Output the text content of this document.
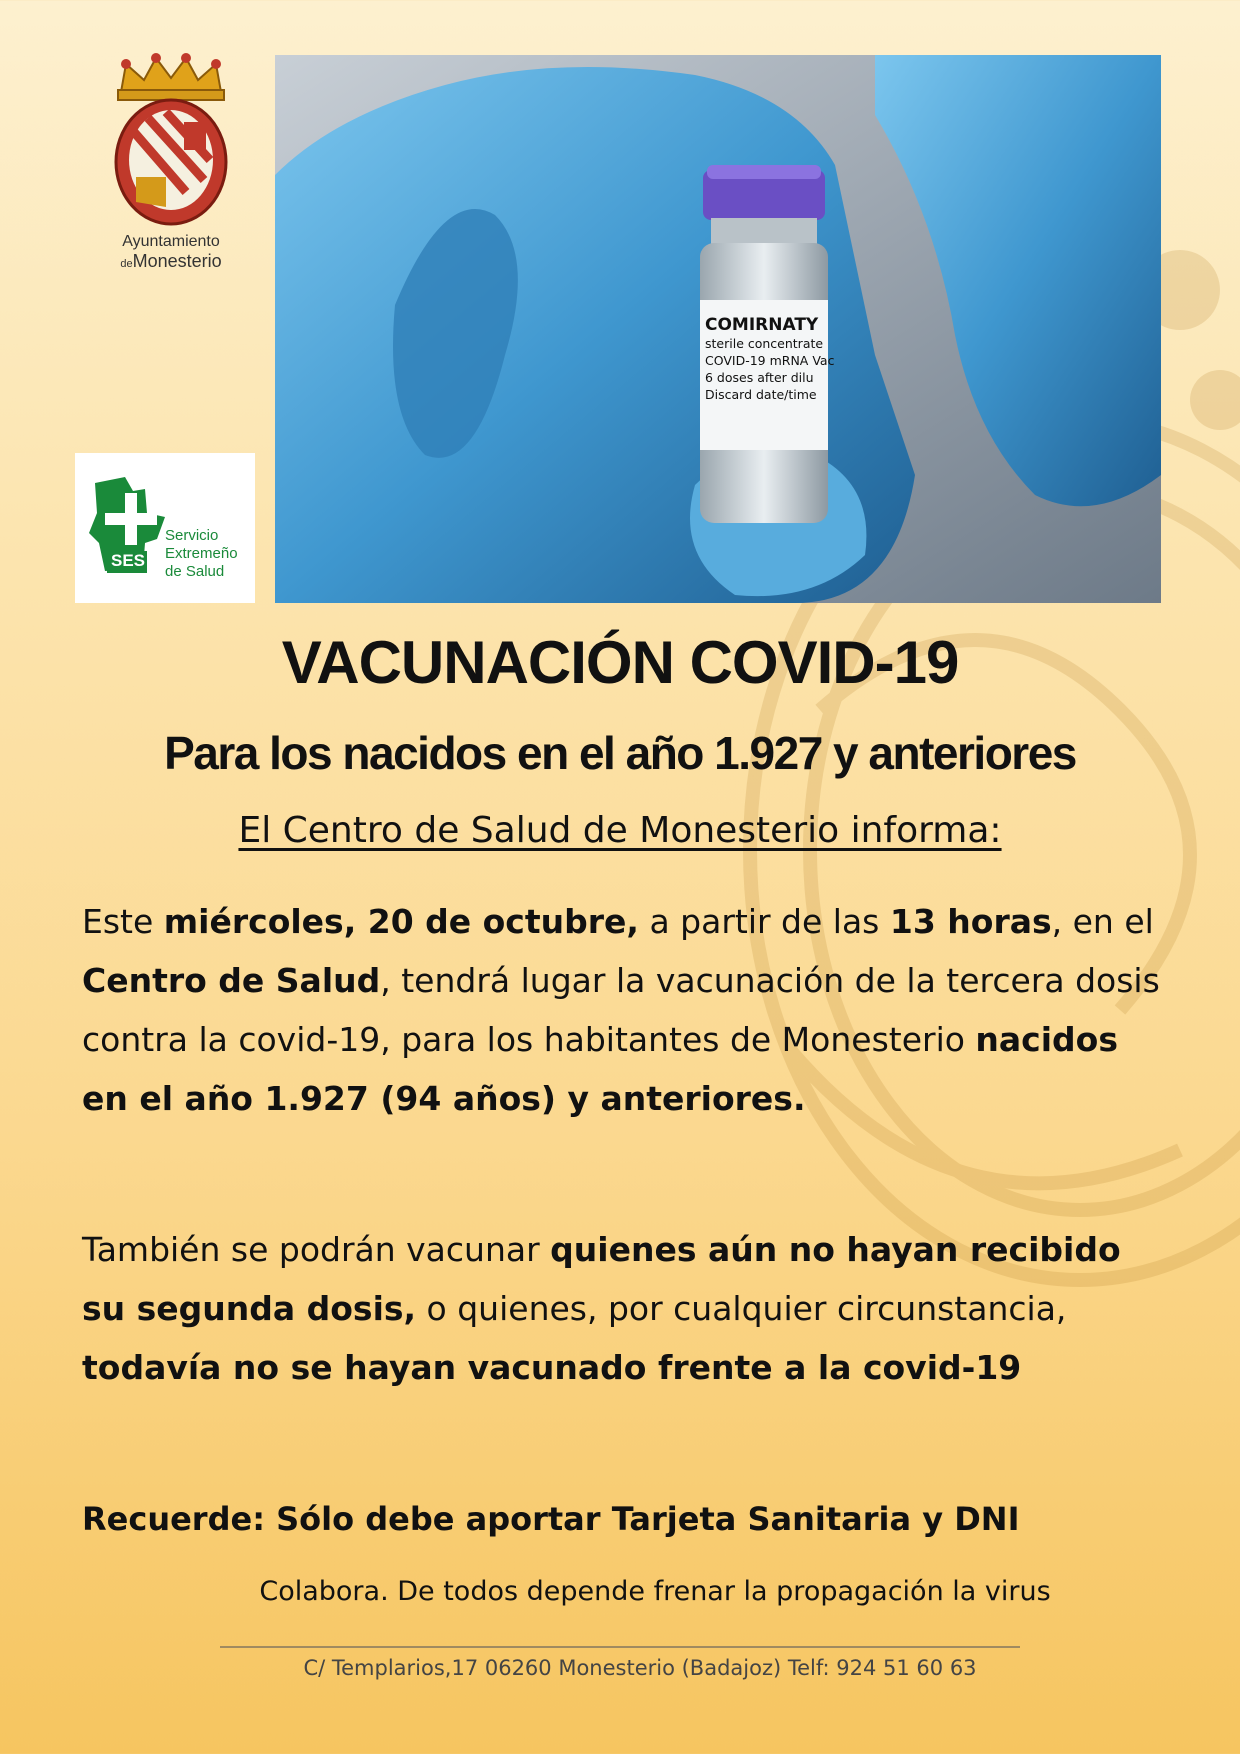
Ayuntamiento
deMonesterio
SES
Servicio
Extremeño
de Salud
COMIRNATY
sterile concentrate
COVID-19 mRNA Vac
6 doses after dilu
Discard date/time
VACUNACIÓN COVID-19
Para los nacidos en el año 1.927 y anteriores
El Centro de Salud de Monesterio informa:
Este miércoles, 20 de octubre, a partir de las 13 horas, en el Centro de Salud, tendrá lugar la vacunación de la tercera dosis contra la covid-19, para los habitantes de Monesterio nacidos en el año 1.927 (94 años) y anteriores.
También se podrán vacunar quienes aún no hayan recibido su segunda dosis, o quienes, por cualquier circunstancia, todavía no se hayan vacunado frente a la covid-19
Recuerde: Sólo debe aportar Tarjeta Sanitaria y DNI
Colabora. De todos depende frenar la propagación la virus
C/ Templarios,17 06260 Monesterio (Badajoz) Telf: 924 51 60 63
